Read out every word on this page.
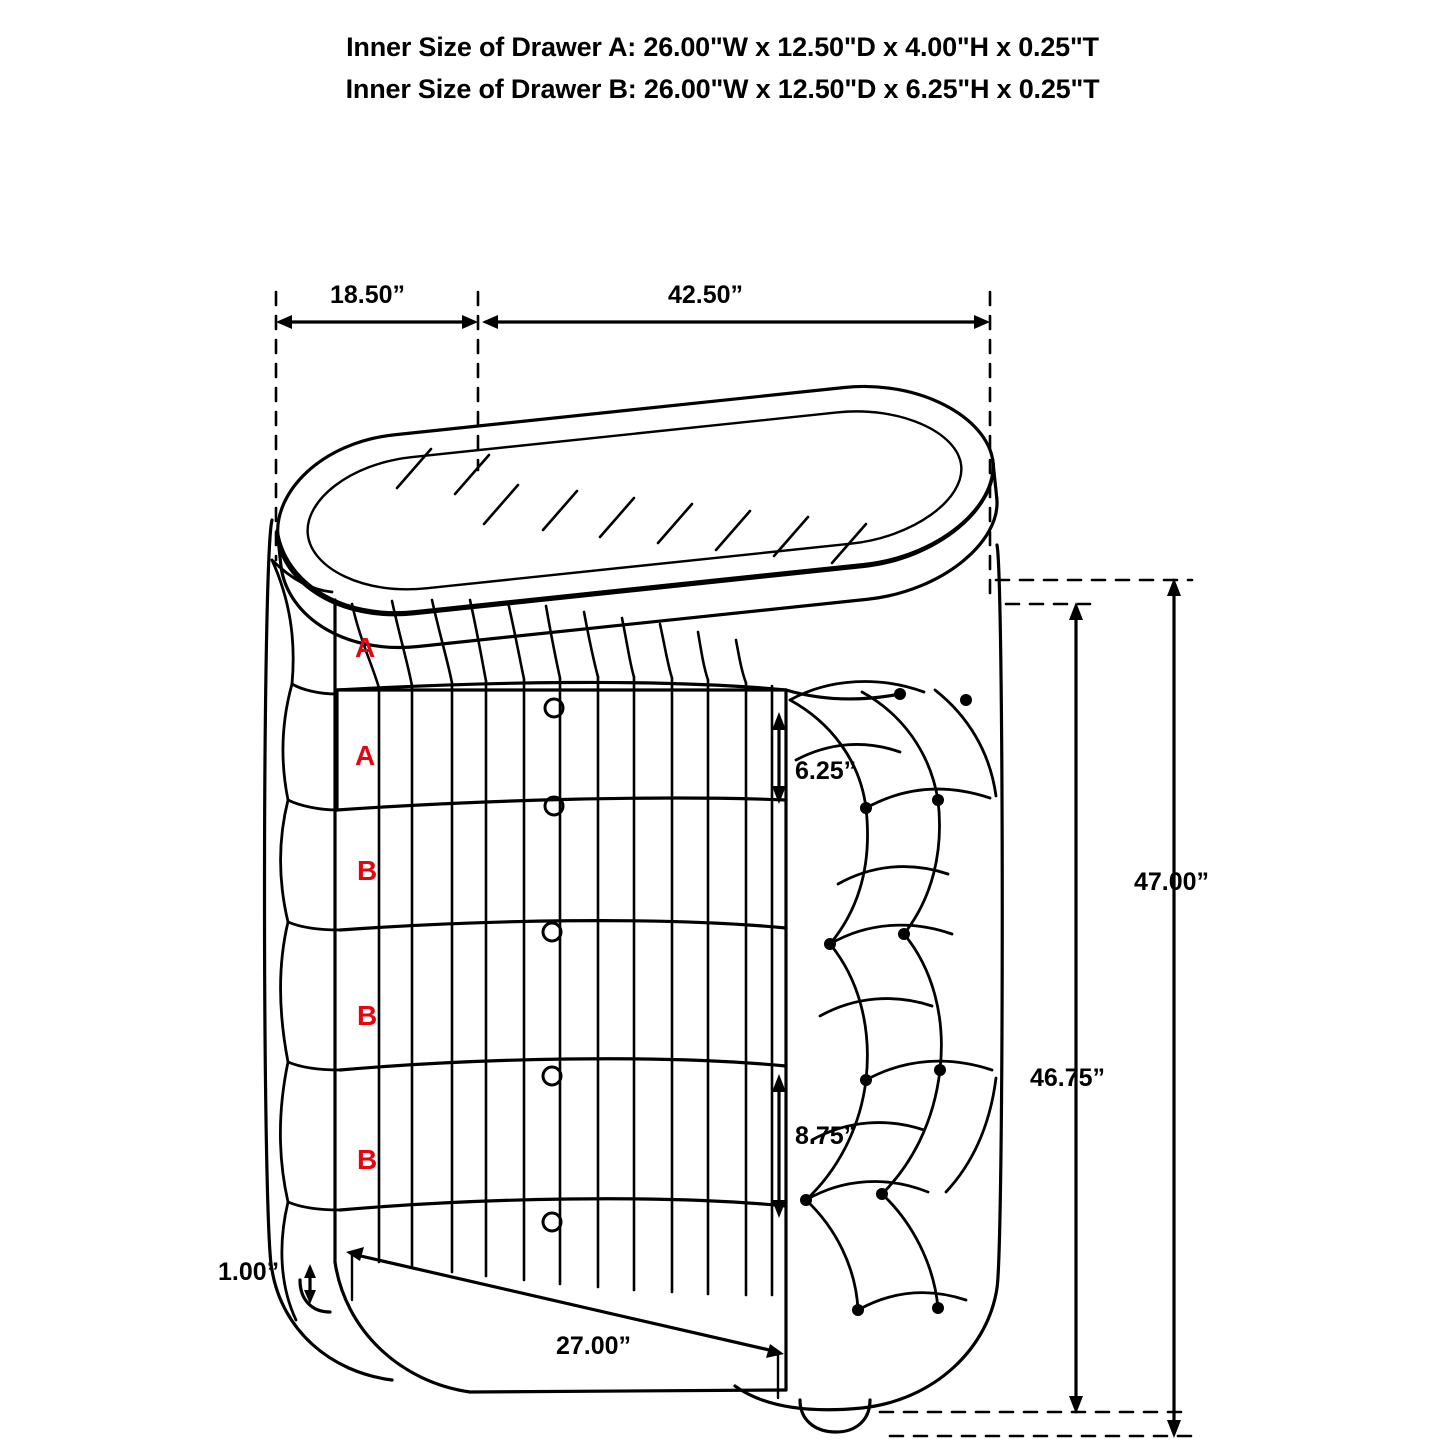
Inner Size of Drawer A: 26.00"W x 12.50"D x 4.00"H x 0.25"T
Inner Size of Drawer B: 26.00"W x 12.50"D x 6.25"H x 0.25"T
18.50”	42.50”
6.25”
8.75”
47.00”
46.75”
1.00”
27.00”
A
A
B
B
B
